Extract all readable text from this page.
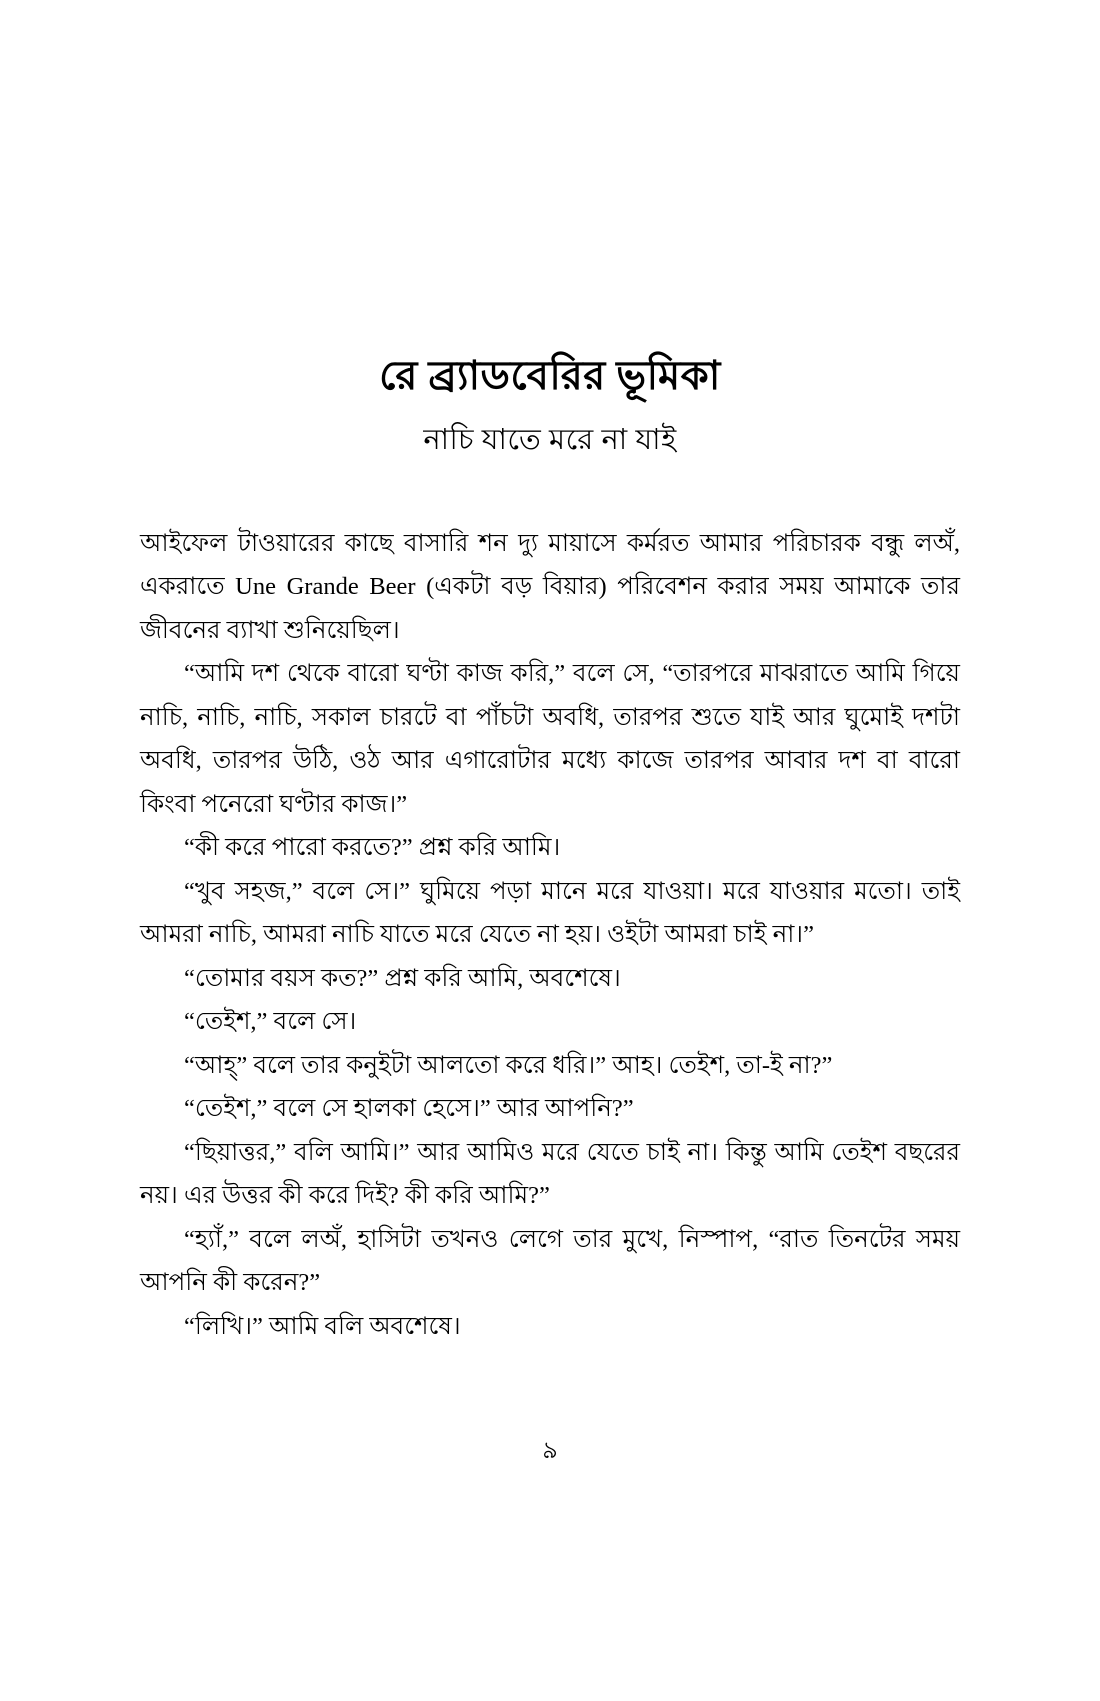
রে ব্র্যাডবেরির ভূমিকা
নাচি যাতে মরে না যাই

আইফেল টাওয়ারের কাছে বাসারি শন দ্যু মায়াসে কর্মরত আমার পরিচারক বন্ধু লঅঁ, একরাতে Une Grande Beer (একটা বড় বিয়ার) পরিবেশন করার সময় আমাকে তার জীবনের ব্যাখা শুনিয়েছিল।

“আমি দশ থেকে বারো ঘণ্টা কাজ করি,” বলে সে, “তারপরে মাঝরাতে আমি গিয়ে নাচি, নাচি, নাচি, সকাল চারটে বা পাঁচটা অবধি, তারপর শুতে যাই আর ঘুমোই দশটা অবধি, তারপর উঠি, ওঠ আর এগারোটার মধ্যে কাজে তারপর আবার দশ বা বারো কিংবা পনেরো ঘণ্টার কাজ।”

“কী করে পারো করতে?” প্রশ্ন করি আমি।

“খুব সহজ,” বলে সে।” ঘুমিয়ে পড়া মানে মরে যাওয়া। মরে যাওয়ার মতো। তাই আমরা নাচি, আমরা নাচি যাতে মরে যেতে না হয়। ওইটা আমরা চাই না।”

“তোমার বয়স কত?” প্রশ্ন করি আমি, অবশেষে।

“তেইশ,” বলে সে।

“আহ্” বলে তার কনুইটা আলতো করে ধরি।” আহ। তেইশ, তা-ই না?”

“তেইশ,” বলে সে হালকা হেসে।” আর আপনি?”

“ছিয়াত্তর,” বলি আমি।” আর আমিও মরে যেতে চাই না। কিন্তু আমি তেইশ বছরের নয়। এর উত্তর কী করে দিই? কী করি আমি?”

“হ্যাঁ,” বলে লঅঁ, হাসিটা তখনও লেগে তার মুখে, নিস্পাপ, “রাত তিনটের সময় আপনি কী করেন?”

“লিখি।” আমি বলি অবশেষে।

৯
